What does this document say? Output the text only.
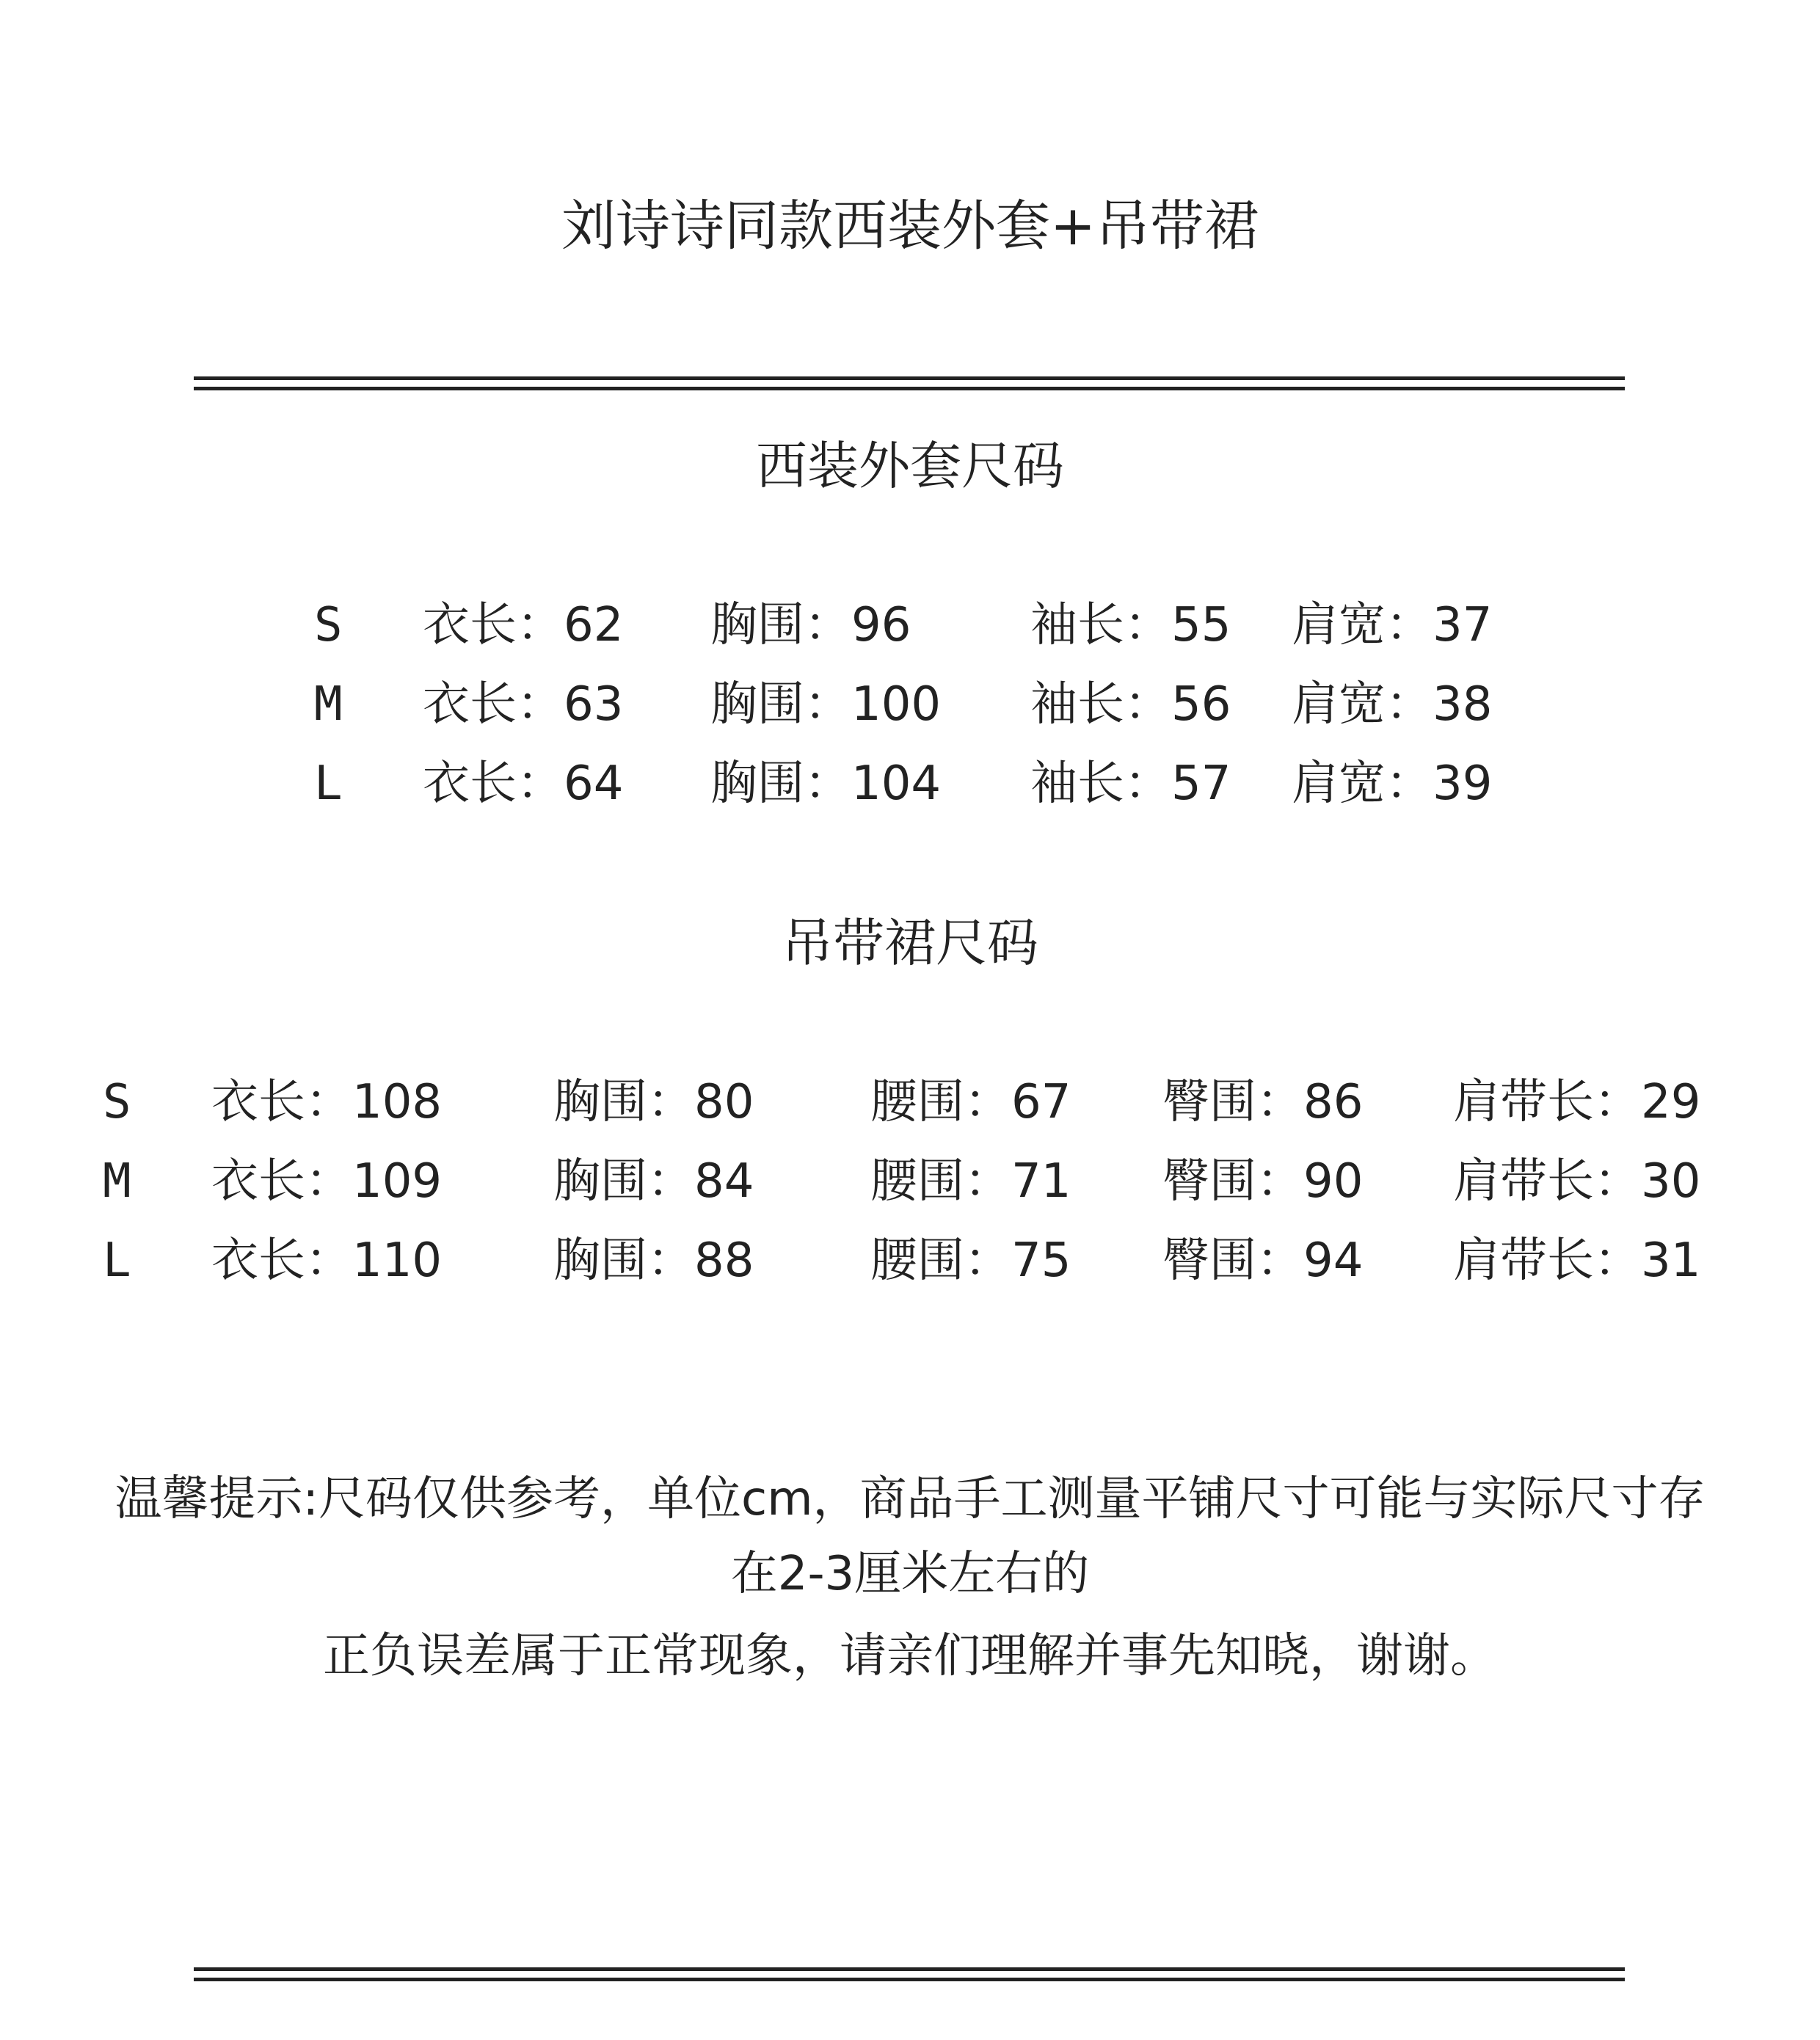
刘诗诗同款西装外套+吊带裙
西装外套尺码
S 衣长：62 胸围：96	袖长：55 肩宽：37
M 衣长：63 胸围：100 袖长：56 肩宽：38
L 衣长：64 胸围：104 袖长：57 肩宽：39
吊带裙尺码
S 衣长：108 胸围：80 腰围：67 臀围：86 肩带长：29
M 衣长：109 胸围：84 腰围：71 臀围：90 肩带长：30
L 衣长：110 胸围：88 腰围：75 臀围：94 肩带长：31
温馨提示:尺码仅供参考，单位cm，商品手工测量平铺尺寸可能与实际尺寸存
在2-3厘米左右的
正负误差属于正常现象，请亲们理解并事先知晓，谢谢。
